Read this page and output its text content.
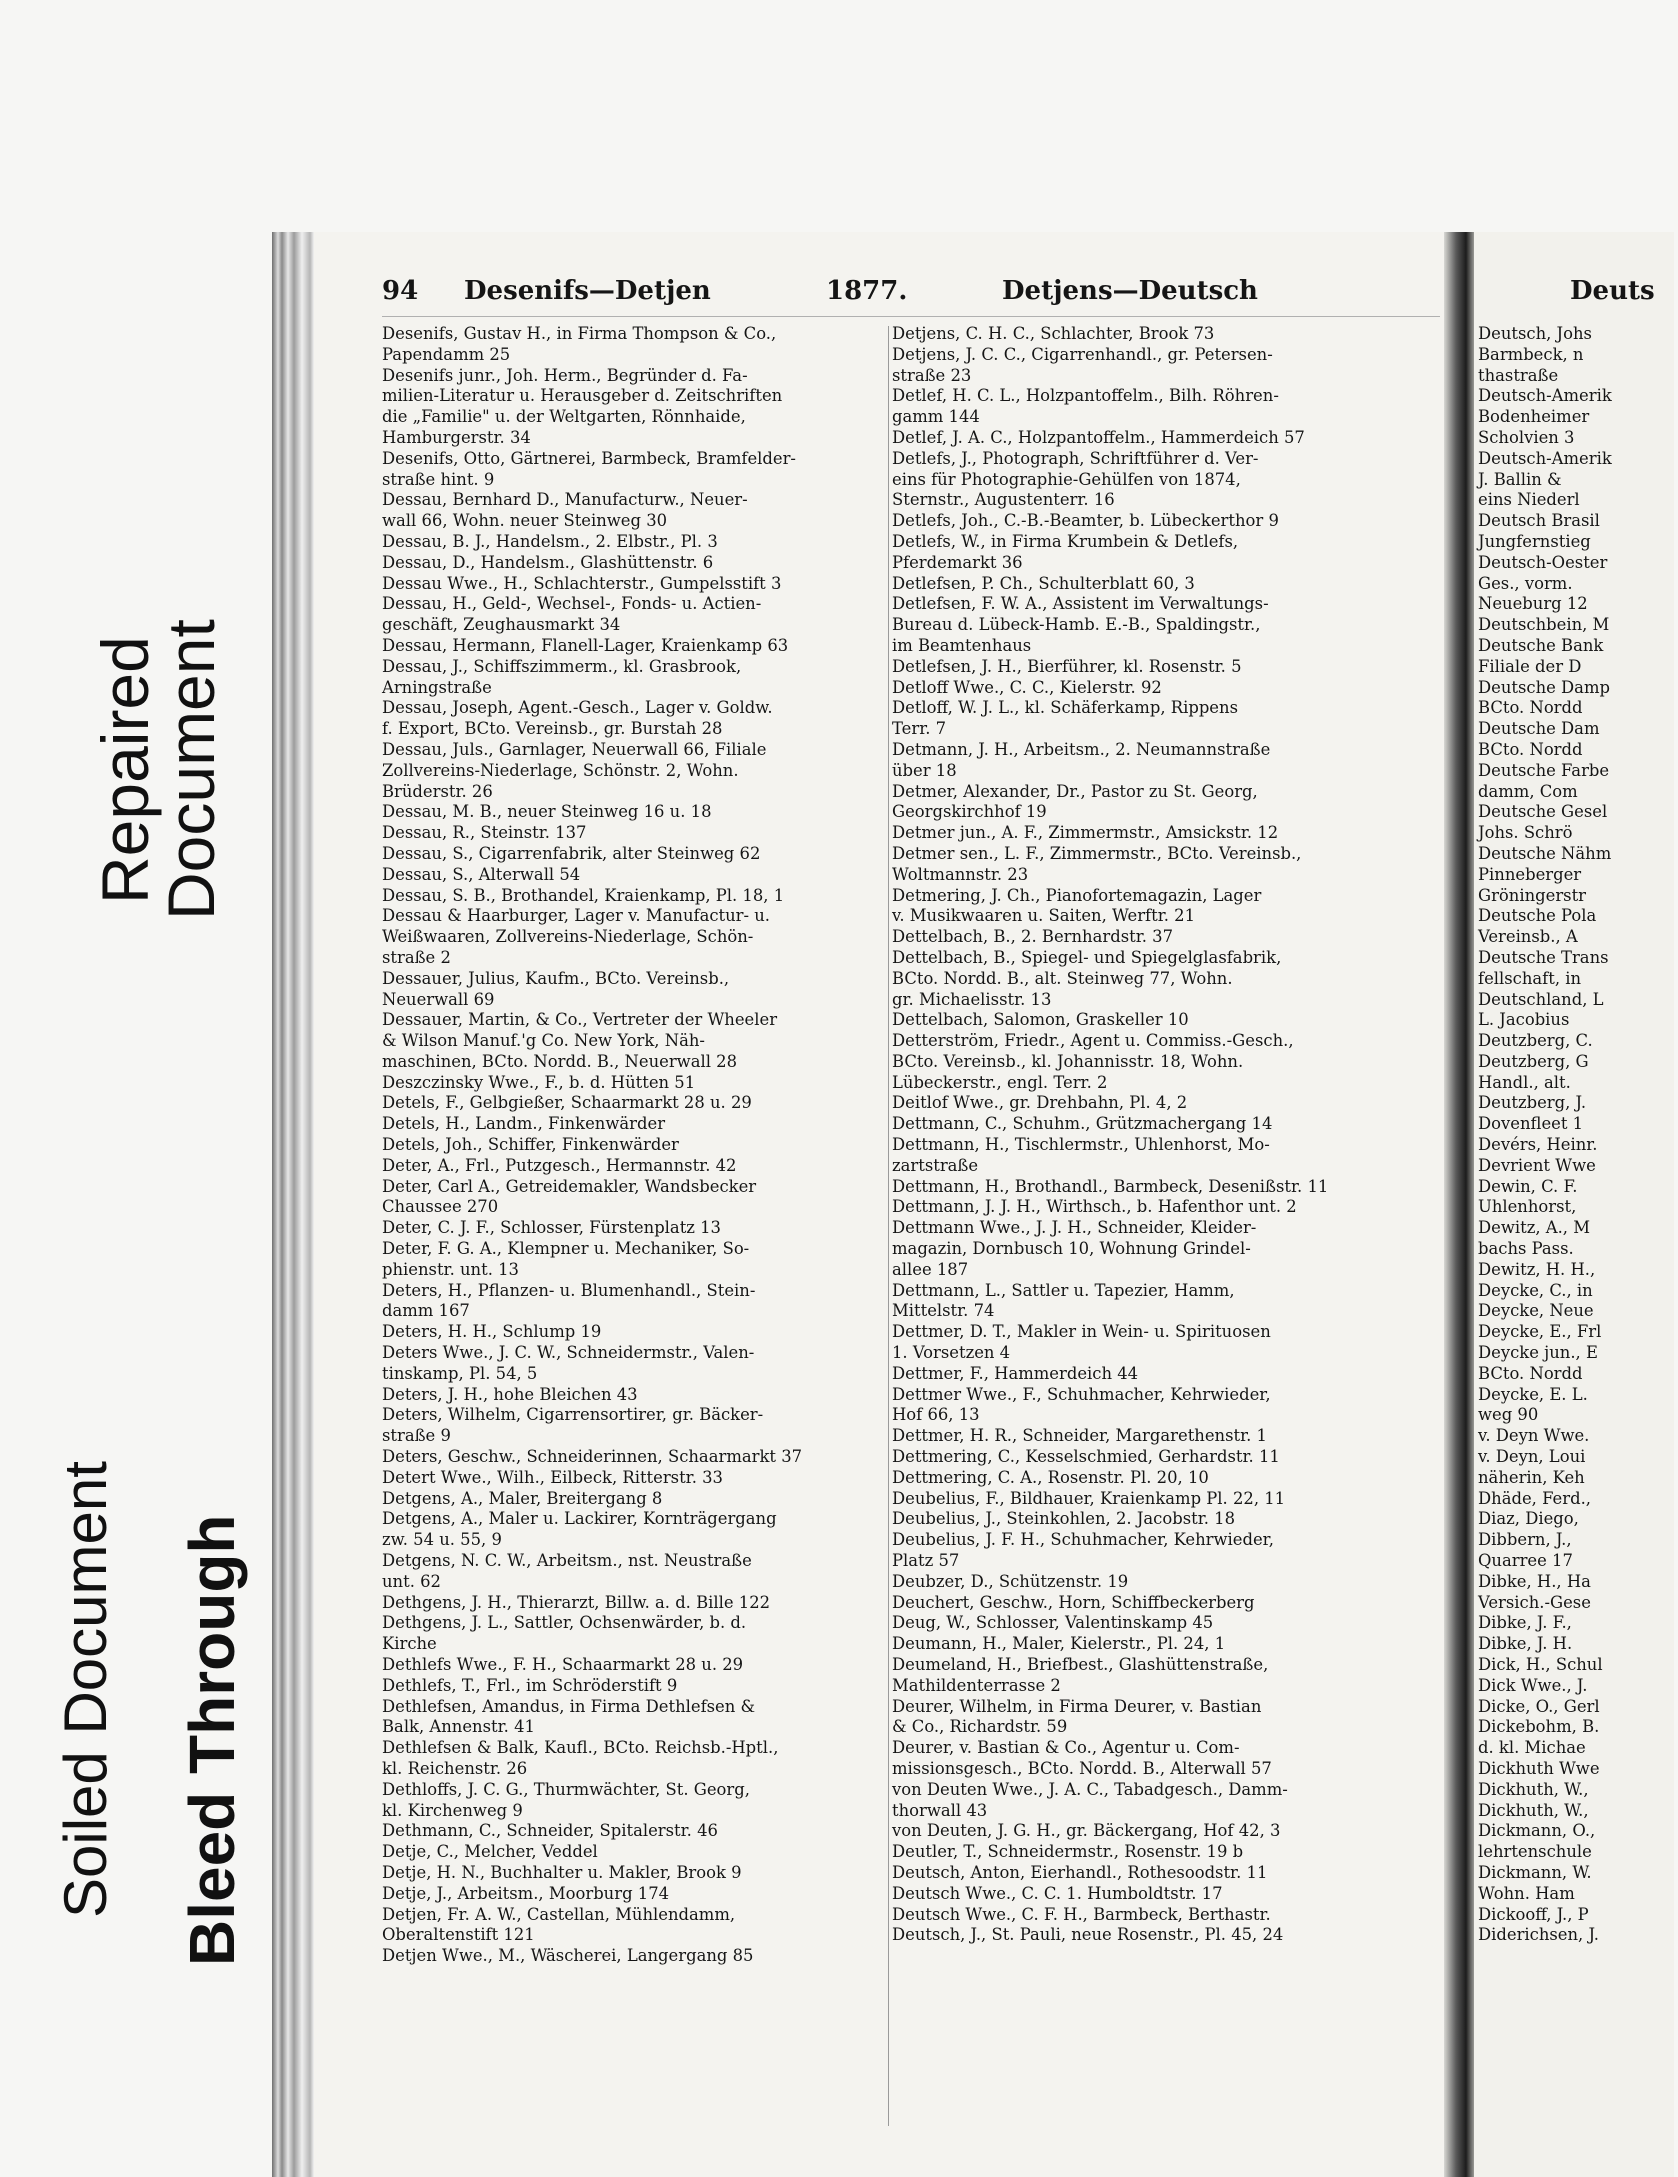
Repaired
Document
Soiled Document Bleed Through
94 Desenifs—Detjen	1877.	Detjens—Deutsch
Desenifs, Gustav H., in Firma Thompson & Co.,
Papendamm 25
Desenifs junr., Joh. Herm., Begründer d. Fa-
milien-Literatur u. Herausgeber d. Zeitschriften
die „Familie" u. der Weltgarten, Rönnhaide,
Hamburgerstr. 34
Desenifs, Otto, Gärtnerei, Barmbeck, Bramfelder-
straße hint. 9
Dessau, Bernhard D., Manufacturw., Neuer-
wall 66, Wohn. neuer Steinweg 30
Dessau, B. J., Handelsm., 2. Elbstr., Pl. 3
Dessau, D., Handelsm., Glashüttenstr. 6
Dessau Wwe., H., Schlachterstr., Gumpelsstift 3
Dessau, H., Geld-, Wechsel-, Fonds- u. Actien-
geschäft, Zeughausmarkt 34
Dessau, Hermann, Flanell-Lager, Kraienkamp 63
Dessau, J., Schiffszimmerm., kl. Grasbrook,
Arningstraße
Dessau, Joseph, Agent.-Gesch., Lager v. Goldw.
f. Export, BCto. Vereinsb., gr. Burstah 28
Dessau, Juls., Garnlager, Neuerwall 66, Filiale
Zollvereins-Niederlage, Schönstr. 2, Wohn.
Brüderstr. 26
Dessau, M. B., neuer Steinweg 16 u. 18
Dessau, R., Steinstr. 137
Dessau, S., Cigarrenfabrik, alter Steinweg 62
Dessau, S., Alterwall 54
Dessau, S. B., Brothandel, Kraienkamp, Pl. 18, 1
Dessau & Haarburger, Lager v. Manufactur- u.
Weißwaaren, Zollvereins-Niederlage, Schön-
straße 2
Dessauer, Julius, Kaufm., BCto. Vereinsb.,
Neuerwall 69
Dessauer, Martin, & Co., Vertreter der Wheeler
& Wilson Manuf.'g Co. New York, Näh-
maschinen, BCto. Nordd. B., Neuerwall 28
Deszczinsky Wwe., F., b. d. Hütten 51
Detels, F., Gelbgießer, Schaarmarkt 28 u. 29
Detels, H., Landm., Finkenwärder
Detels, Joh., Schiffer, Finkenwärder
Deter, A., Frl., Putzgesch., Hermannstr. 42
Deter, Carl A., Getreidemakler, Wandsbecker
Chaussee 270
Deter, C. J. F., Schlosser, Fürstenplatz 13
Deter, F. G. A., Klempner u. Mechaniker, So-
phienstr. unt. 13
Deters, H., Pflanzen- u. Blumenhandl., Stein-
damm 167
Deters, H. H., Schlump 19
Deters Wwe., J. C. W., Schneidermstr., Valen-
tinskamp, Pl. 54, 5
Deters, J. H., hohe Bleichen 43
Deters, Wilhelm, Cigarrensortirer, gr. Bäcker-
straße 9
Deters, Geschw., Schneiderinnen, Schaarmarkt 37
Detert Wwe., Wilh., Eilbeck, Ritterstr. 33
Detgens, A., Maler, Breitergang 8
Detgens, A., Maler u. Lackirer, Kornträgergang
zw. 54 u. 55, 9
Detgens, N. C. W., Arbeitsm., nst. Neustraße
unt. 62
Dethgens, J. H., Thierarzt, Billw. a. d. Bille 122
Dethgens, J. L., Sattler, Ochsenwärder, b. d.
Kirche
Dethlefs Wwe., F. H., Schaarmarkt 28 u. 29
Dethlefs, T., Frl., im Schröderstift 9
Dethlefsen, Amandus, in Firma Dethlefsen &
Balk, Annenstr. 41
Dethlefsen & Balk, Kaufl., BCto. Reichsb.-Hptl.,
kl. Reichenstr. 26
Dethloffs, J. C. G., Thurmwächter, St. Georg,
kl. Kirchenweg 9
Dethmann, C., Schneider, Spitalerstr. 46
Detje, C., Melcher, Veddel
Detje, H. N., Buchhalter u. Makler, Brook 9
Detje, J., Arbeitsm., Moorburg 174
Detjen, Fr. A. W., Castellan, Mühlendamm,
Oberaltenstift 121
Detjen Wwe., M., Wäscherei, Langergang 85
Detjens, C. H. C., Schlachter, Brook 73
Detjens, J. C. C., Cigarrenhandl., gr. Petersen-
straße 23
Detlef, H. C. L., Holzpantoffelm., Bilh. Röhren-
gamm 144
Detlef, J. A. C., Holzpantoffelm., Hammerdeich 57
Detlefs, J., Photograph, Schriftführer d. Ver-
eins für Photographie-Gehülfen von 1874,
Sternstr., Augustenterr. 16
Detlefs, Joh., C.-B.-Beamter, b. Lübeckerthor 9
Detlefs, W., in Firma Krumbein & Detlefs,
Pferdemarkt 36
Detlefsen, P. Ch., Schulterblatt 60, 3
Detlefsen, F. W. A., Assistent im Verwaltungs-
Bureau d. Lübeck-Hamb. E.-B., Spaldingstr.,
im Beamtenhaus
Detlefsen, J. H., Bierführer, kl. Rosenstr. 5
Detloff Wwe., C. C., Kielerstr. 92
Detloff, W. J. L., kl. Schäferkamp, Rippens
Terr. 7
Detmann, J. H., Arbeitsm., 2. Neumannstraße
über 18
Detmer, Alexander, Dr., Pastor zu St. Georg,
Georgskirchhof 19
Detmer jun., A. F., Zimmermstr., Amsickstr. 12
Detmer sen., L. F., Zimmermstr., BCto. Vereinsb.,
Woltmannstr. 23
Detmering, J. Ch., Pianofortemagazin, Lager
v. Musikwaaren u. Saiten, Werftr. 21
Dettelbach, B., 2. Bernhardstr. 37
Dettelbach, B., Spiegel- und Spiegelglasfabrik,
BCto. Nordd. B., alt. Steinweg 77, Wohn.
gr. Michaelisstr. 13
Dettelbach, Salomon, Graskeller 10
Detterström, Friedr., Agent u. Commiss.-Gesch.,
BCto. Vereinsb., kl. Johannisstr. 18, Wohn.
Lübeckerstr., engl. Terr. 2
Deitlof Wwe., gr. Drehbahn, Pl. 4, 2
Dettmann, C., Schuhm., Grützmachergang 14
Dettmann, H., Tischlermstr., Uhlenhorst, Mo-
zartstraße
Dettmann, H., Brothandl., Barmbeck, Desenißstr. 11
Dettmann, J. J. H., Wirthsch., b. Hafenthor unt. 2
Dettmann Wwe., J. J. H., Schneider, Kleider-
magazin, Dornbusch 10, Wohnung Grindel-
allee 187
Dettmann, L., Sattler u. Tapezier, Hamm,
Mittelstr. 74
Dettmer, D. T., Makler in Wein- u. Spirituosen
1. Vorsetzen 4
Dettmer, F., Hammerdeich 44
Dettmer Wwe., F., Schuhmacher, Kehrwieder,
Hof 66, 13
Dettmer, H. R., Schneider, Margarethenstr. 1
Dettmering, C., Kesselschmied, Gerhardstr. 11
Dettmering, C. A., Rosenstr. Pl. 20, 10
Deubelius, F., Bildhauer, Kraienkamp Pl. 22, 11
Deubelius, J., Steinkohlen, 2. Jacobstr. 18
Deubelius, J. F. H., Schuhmacher, Kehrwieder,
Platz 57
Deubzer, D., Schützenstr. 19
Deuchert, Geschw., Horn, Schiffbeckerberg
Deug, W., Schlosser, Valentinskamp 45
Deumann, H., Maler, Kielerstr., Pl. 24, 1
Deumeland, H., Briefbest., Glashüttenstraße,
Mathildenterrasse 2
Deurer, Wilhelm, in Firma Deurer, v. Bastian
& Co., Richardstr. 59
Deurer, v. Bastian & Co., Agentur u. Com-
missionsgesch., BCto. Nordd. B., Alterwall 57
von Deuten Wwe., J. A. C., Tabadgesch., Damm-
thorwall 43
von Deuten, J. G. H., gr. Bäckergang, Hof 42, 3
Deutler, T., Schneidermstr., Rosenstr. 19 b
Deutsch, Anton, Eierhandl., Rothesoodstr. 11
Deutsch Wwe., C. C. 1. Humboldtstr. 17
Deutsch Wwe., C. F. H., Barmbeck, Berthastr.
Deutsch, J., St. Pauli, neue Rosenstr., Pl. 45, 24
Deuts
Deutsch, Johs
Barmbeck, n
thastraße
Deutsch-Amerik
Bodenheimer
Scholvien 3
Deutsch-Amerik
J. Ballin &
eins Niederl
Deutsch Brasil
Jungfernstieg
Deutsch-Oester
Ges., vorm.
Neueburg 12
Deutschbein, M
Deutsche Bank
Filiale der D
Deutsche Damp
BCto. Nordd
Deutsche Dam
BCto. Nordd
Deutsche Farbe
damm, Com
Deutsche Gesel
Johs. Schrö
Deutsche Nähm
Pinneberger
Gröningerstr
Deutsche Pola
Vereinsb., A
Deutsche Trans
fellschaft, in
Deutschland, L
L. Jacobius
Deutzberg, C.
Deutzberg, G
Handl., alt.
Deutzberg, J.
Dovenfleet 1
Devérs, Heinr.
Devrient Wwe
Dewin, C. F.
Uhlenhorst,
Dewitz, A., M
bachs Pass.
Dewitz, H. H.,
Deycke, C., in
Deycke, Neue
Deycke, E., Frl
Deycke jun., E
BCto. Nordd
Deycke, E. L.
weg 90
v. Deyn Wwe.
v. Deyn, Loui
näherin, Keh
Dhäde, Ferd.,
Diaz, Diego,
Dibbern, J.,
Quarree 17
Dibke, H., Ha
Versich.-Gese
Dibke, J. F.,
Dibke, J. H.
Dick, H., Schul
Dick Wwe., J.
Dicke, O., Gerl
Dickebohm, B.
d. kl. Michae
Dickhuth Wwe
Dickhuth, W.,
Dickhuth, W.,
Dickmann, O.,
lehrtenschule
Dickmann, W.
Wohn. Ham
Dickooff, J., P
Diderichsen, J.
